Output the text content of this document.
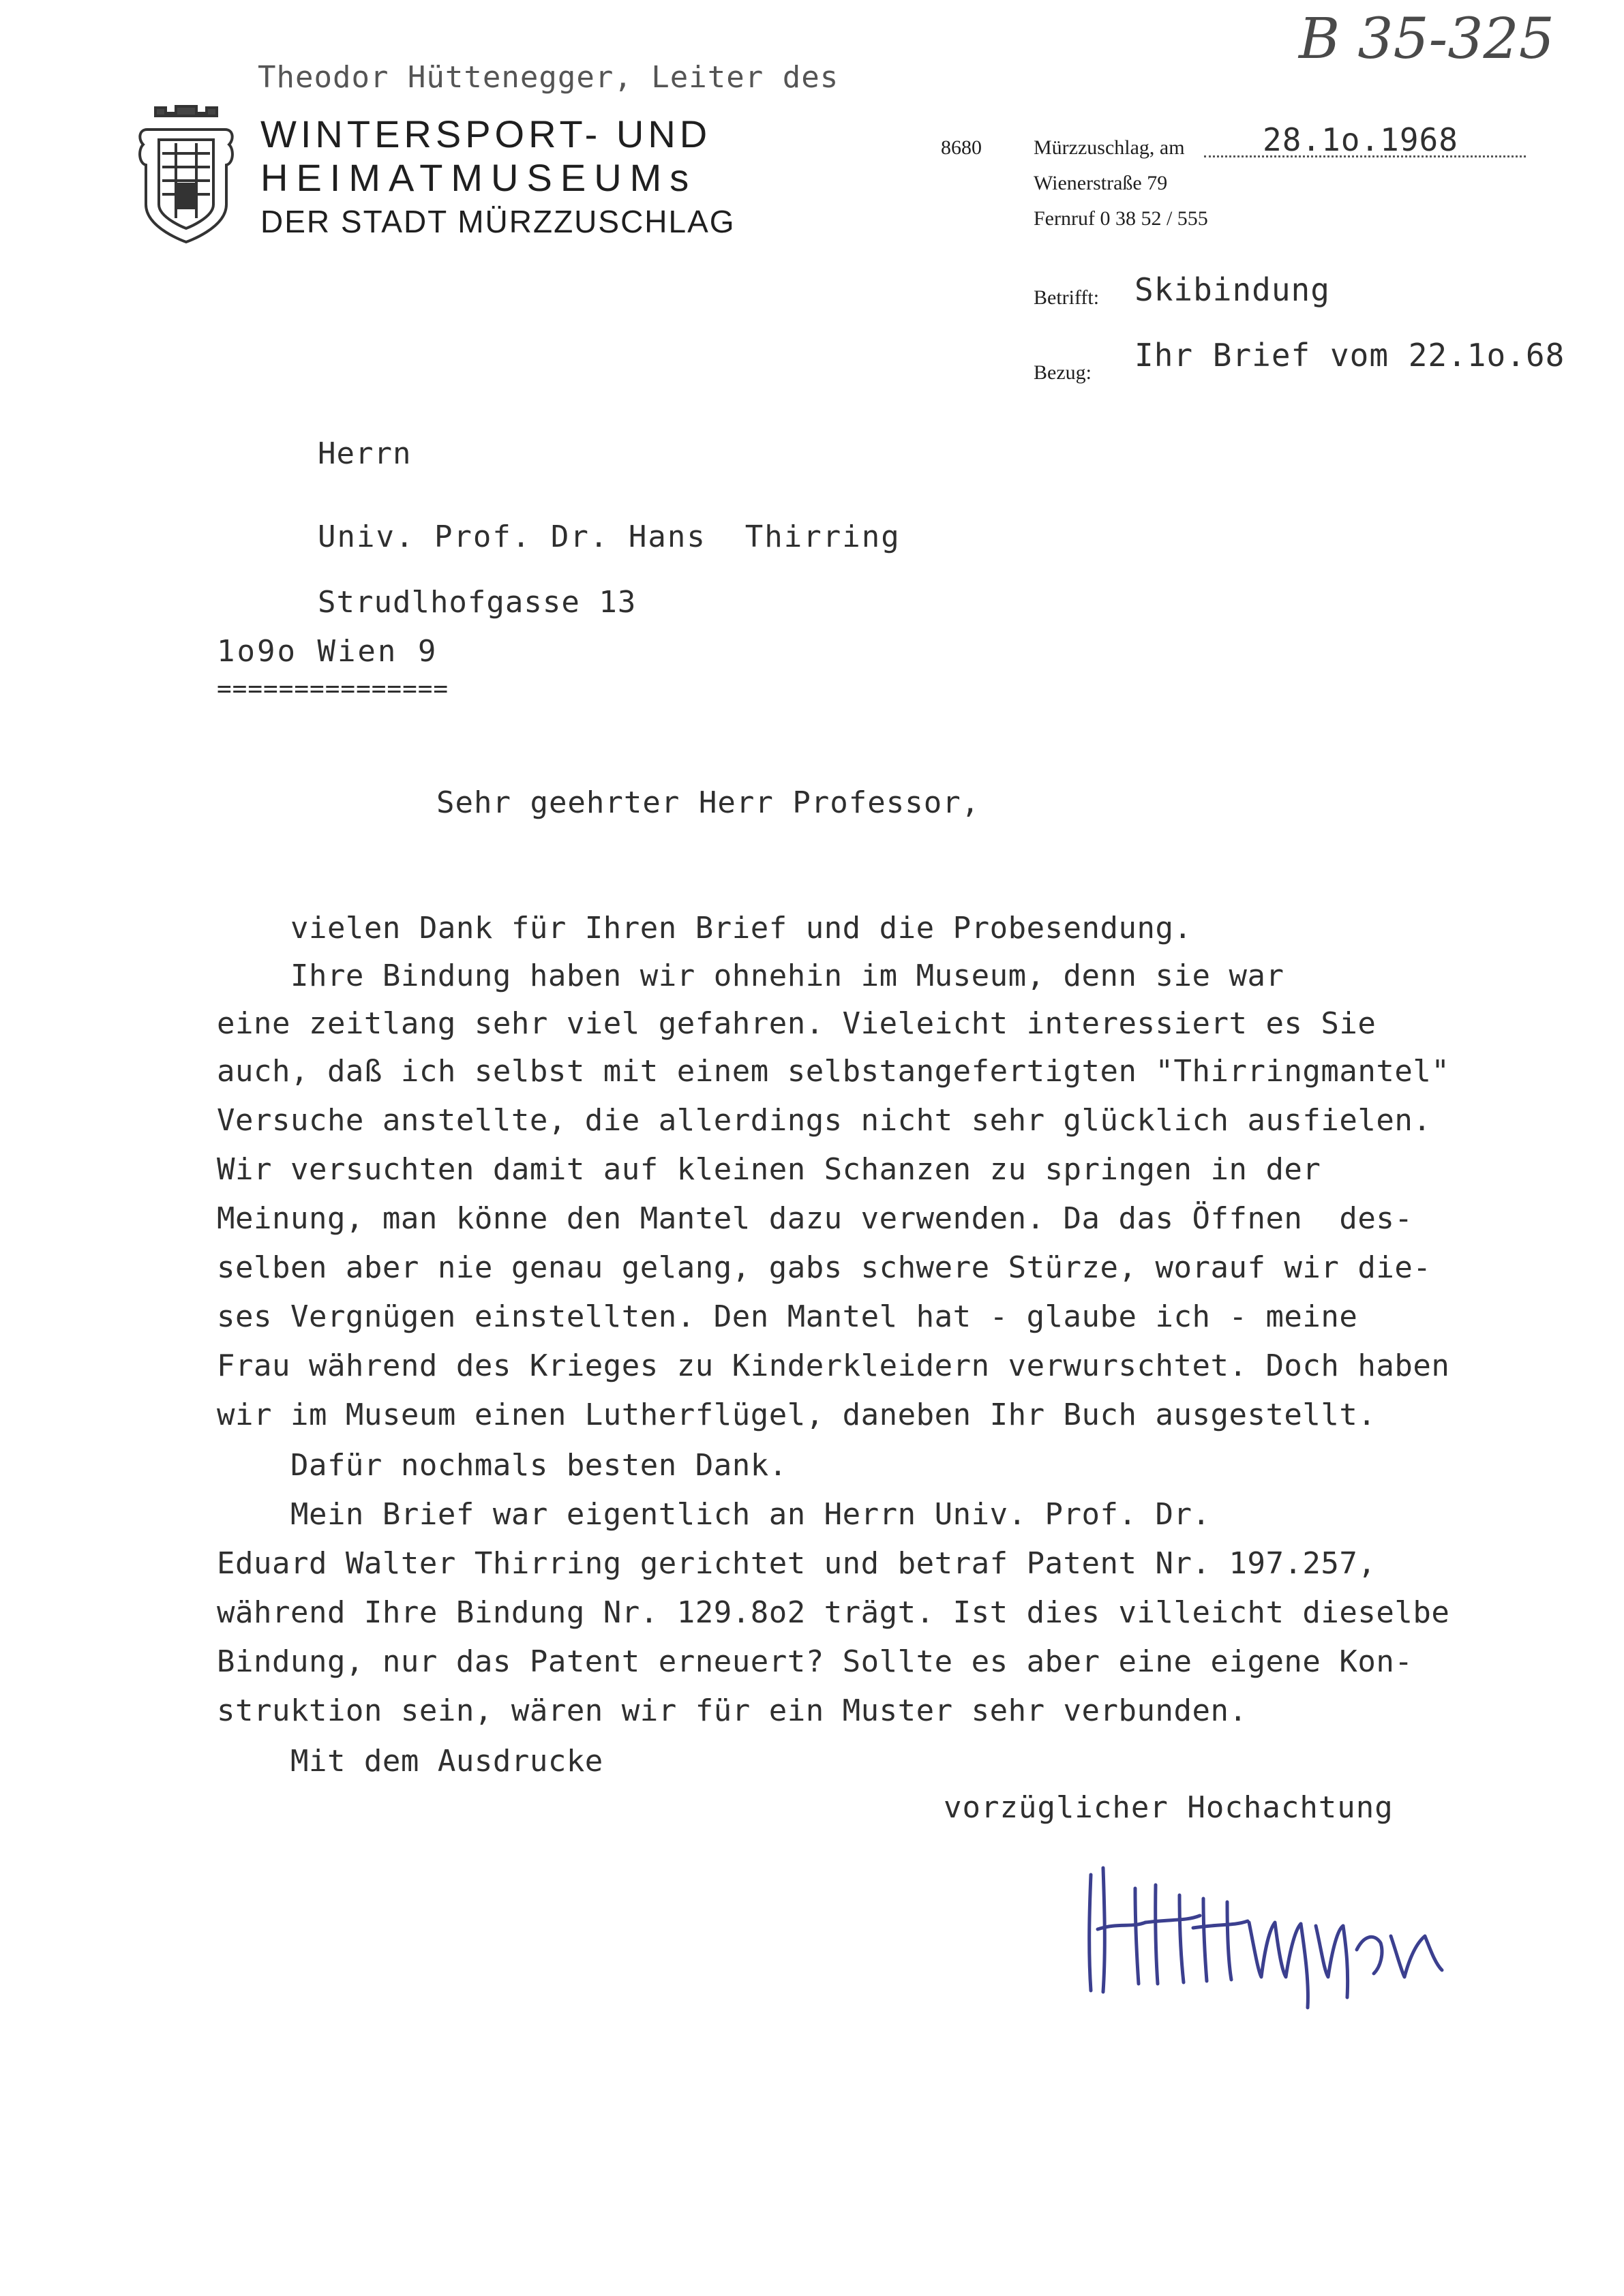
B 35-325
Theodor Hüttenegger, Leiter des
WINTERSPORT- UND
HEIMATMUSEUMs
DER STADT MÜRZZUSCHLAG
8680	Mürzzuschlag, am 28.1o.1968
Wienerstraße 79
Fernruf 0 38 52 / 555
Betrifft: Skibindung
Bezug: Ihr Brief vom 22.1o.68
Herrn
Univ. Prof. Dr. Hans  Thirring
Strudlhofgasse 13
1o9o Wien 9
===============
Sehr geehrter Herr Professor,
vielen Dank für Ihren Brief und die Probesendung.
Ihre Bindung haben wir ohnehin im Museum, denn sie war
eine zeitlang sehr viel gefahren. Vieleicht interessiert es Sie
auch, daß ich selbst mit einem selbstangefertigten "Thirringmantel"
Versuche anstellte, die allerdings nicht sehr glücklich ausfielen.
Wir versuchten damit auf kleinen Schanzen zu springen in der
Meinung, man könne den Mantel dazu verwenden. Da das Öffnen  des-
selben aber nie genau gelang, gabs schwere Stürze, worauf wir die-
ses Vergnügen einstellten. Den Mantel hat - glaube ich - meine
Frau während des Krieges zu Kinderkleidern verwurschtet. Doch haben
wir im Museum einen Lutherflügel, daneben Ihr Buch ausgestellt.
Dafür nochmals besten Dank.
Mein Brief war eigentlich an Herrn Univ. Prof. Dr.
Eduard Walter Thirring gerichtet und betraf Patent Nr. 197.257,
während Ihre Bindung Nr. 129.8o2 trägt. Ist dies villeicht dieselbe
Bindung, nur das Patent erneuert? Sollte es aber eine eigene Kon-
struktion sein, wären wir für ein Muster sehr verbunden.
Mit dem Ausdrucke
vorzüglicher Hochachtung
Hüttenegger
